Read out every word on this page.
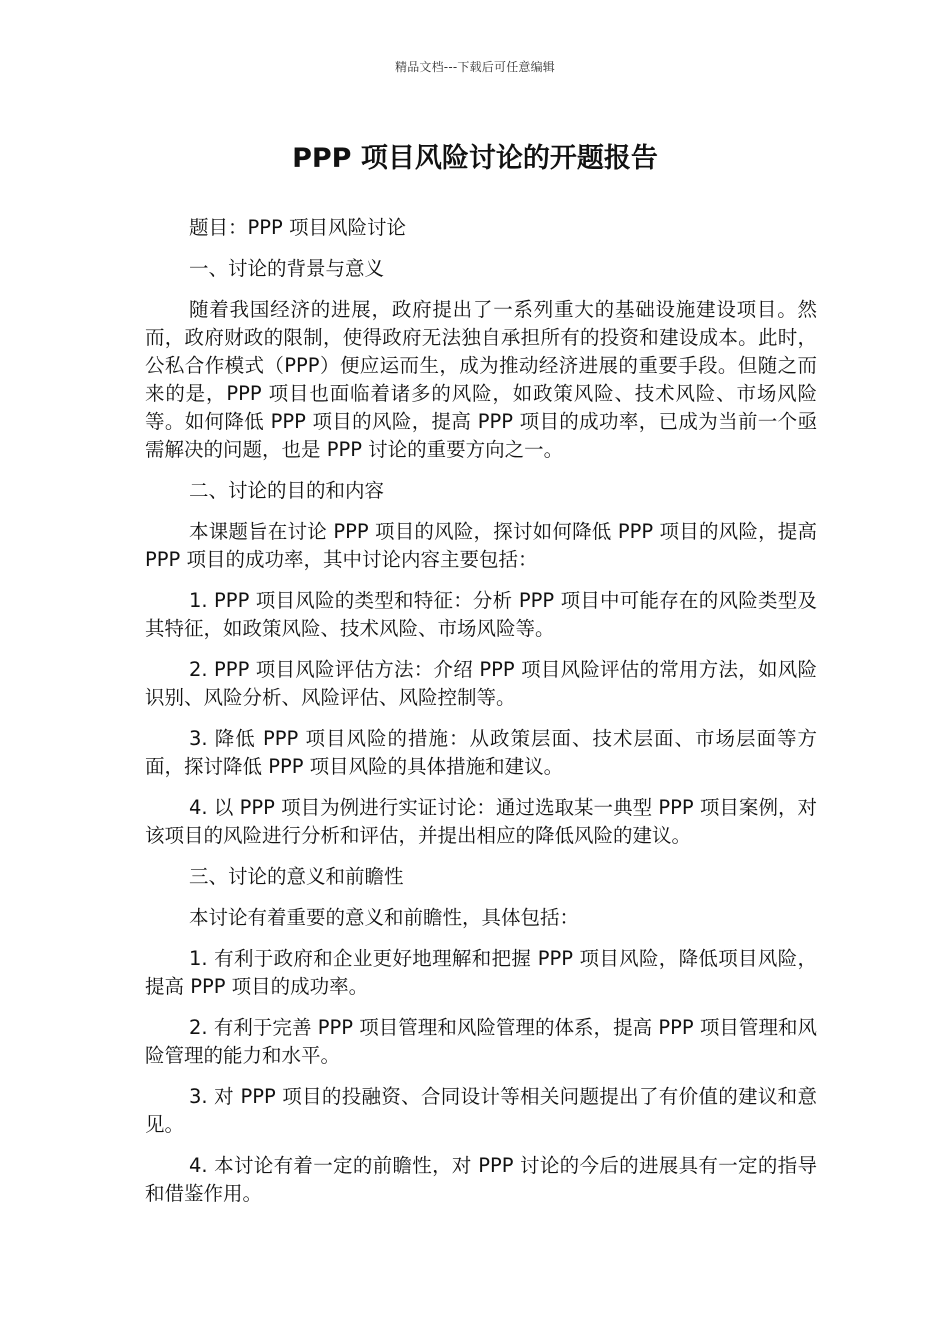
精品文档---下载后可任意编辑
PPP 项目风险讨论的开题报告

题目：PPP 项目风险讨论

一、讨论的背景与意义

随着我国经济的进展，政府提出了一系列重大的基础设施建设项目。然而，政府财政的限制，使得政府无法独自承担所有的投资和建设成本。此时，公私合作模式（PPP）便应运而生，成为推动经济进展的重要手段。但随之而来的是，PPP 项目也面临着诸多的风险，如政策风险、技术风险、市场风险等。如何降低 PPP 项目的风险，提高 PPP 项目的成功率，已成为当前一个亟需解决的问题，也是 PPP 讨论的重要方向之一。

二、讨论的目的和内容

本课题旨在讨论 PPP 项目的风险，探讨如何降低 PPP 项目的风险，提高 PPP 项目的成功率，其中讨论内容主要包括：

1. PPP 项目风险的类型和特征：分析 PPP 项目中可能存在的风险类型及其特征，如政策风险、技术风险、市场风险等。

2. PPP 项目风险评估方法：介绍 PPP 项目风险评估的常用方法，如风险识别、风险分析、风险评估、风险控制等。

3. 降低 PPP 项目风险的措施：从政策层面、技术层面、市场层面等方面，探讨降低 PPP 项目风险的具体措施和建议。

4. 以 PPP 项目为例进行实证讨论：通过选取某一典型 PPP 项目案例，对该项目的风险进行分析和评估，并提出相应的降低风险的建议。

三、讨论的意义和前瞻性

本讨论有着重要的意义和前瞻性，具体包括：

1. 有利于政府和企业更好地理解和把握 PPP 项目风险，降低项目风险，提高 PPP 项目的成功率。

2. 有利于完善 PPP 项目管理和风险管理的体系，提高 PPP 项目管理和风险管理的能力和水平。

3. 对 PPP 项目的投融资、合同设计等相关问题提出了有价值的建议和意见。

4. 本讨论有着一定的前瞻性，对 PPP 讨论的今后的进展具有一定的指导和借鉴作用。
